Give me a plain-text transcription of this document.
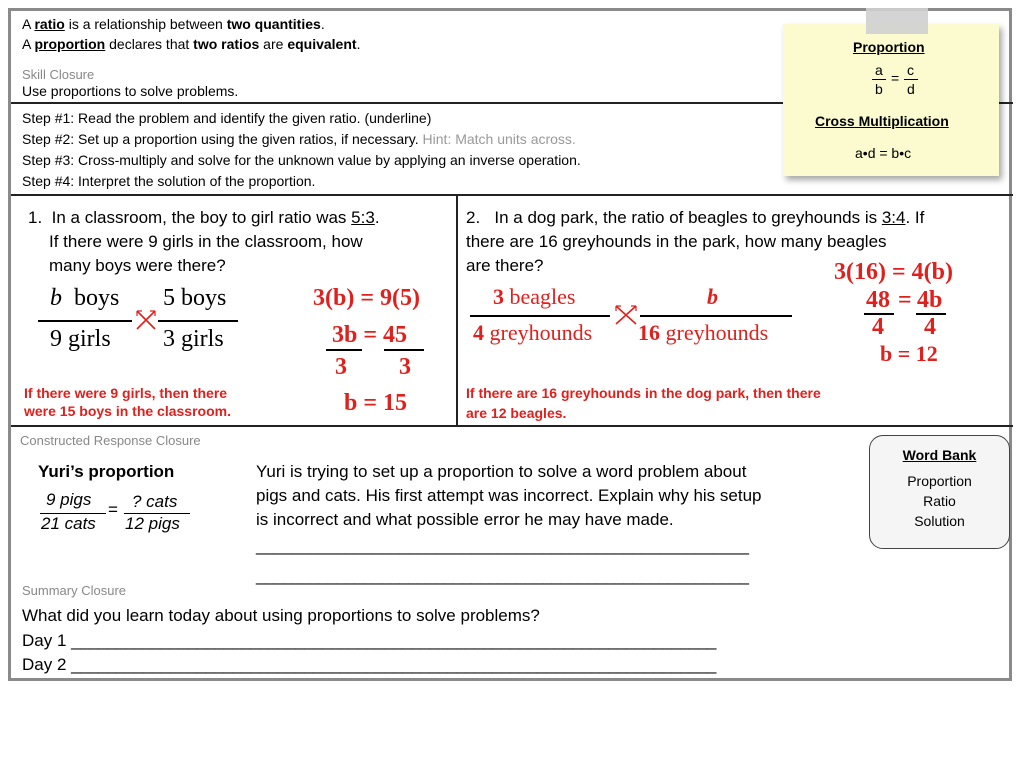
A ratio is a relationship between two quantities.
A proportion declares that two ratios are equivalent.
Skill Closure
Use proportions to solve problems.
Step #1: Read the problem and identify the given ratio. (underline)
Step #2: Set up a proportion using the given ratios, if necessary. Hint: Match units across.
Step #3: Cross-multiply and solve for the unknown value by applying an inverse operation.
Step #4: Interpret the solution of the proportion.
Proportion
a
b
= c
d
Cross Multiplication
a•d = b•c
1. In a classroom, the boy to girl ratio was 5:3.
If there were 9 girls in the classroom, how
many boys were there?
b boys
9 girls
5 boys
3 girls
3(b) = 9(5)
3b = 45
3 3
b = 15
If there were 9 girls, then there
were 15 boys in the classroom.
2. In a dog park, the ratio of beagles to greyhounds is 3:4. If
there are 16 greyhounds in the park, how many beagles
are there?
3 beagles
4 greyhounds
b
16 greyhounds
3(16) = 4(b)
48 = 4b
4 4
b = 12
If there are 16 greyhounds in the dog park, then there
are 12 beagles.
Constructed Response Closure
Yuri’s proportion
9 pigs
21 cats
= ? cats
12 pigs
Yuri is trying to set up a proportion to solve a word problem about
pigs and cats. His first attempt was incorrect. Explain why his setup
is incorrect and what possible error he may have made.
_______________________________________________________
_______________________________________________________
Word Bank
Proportion
Ratio
Solution
Summary Closure
What did you learn today about using proportions to solve problems?
Day 1 ________________________________________________________________________
Day 2 ________________________________________________________________________
